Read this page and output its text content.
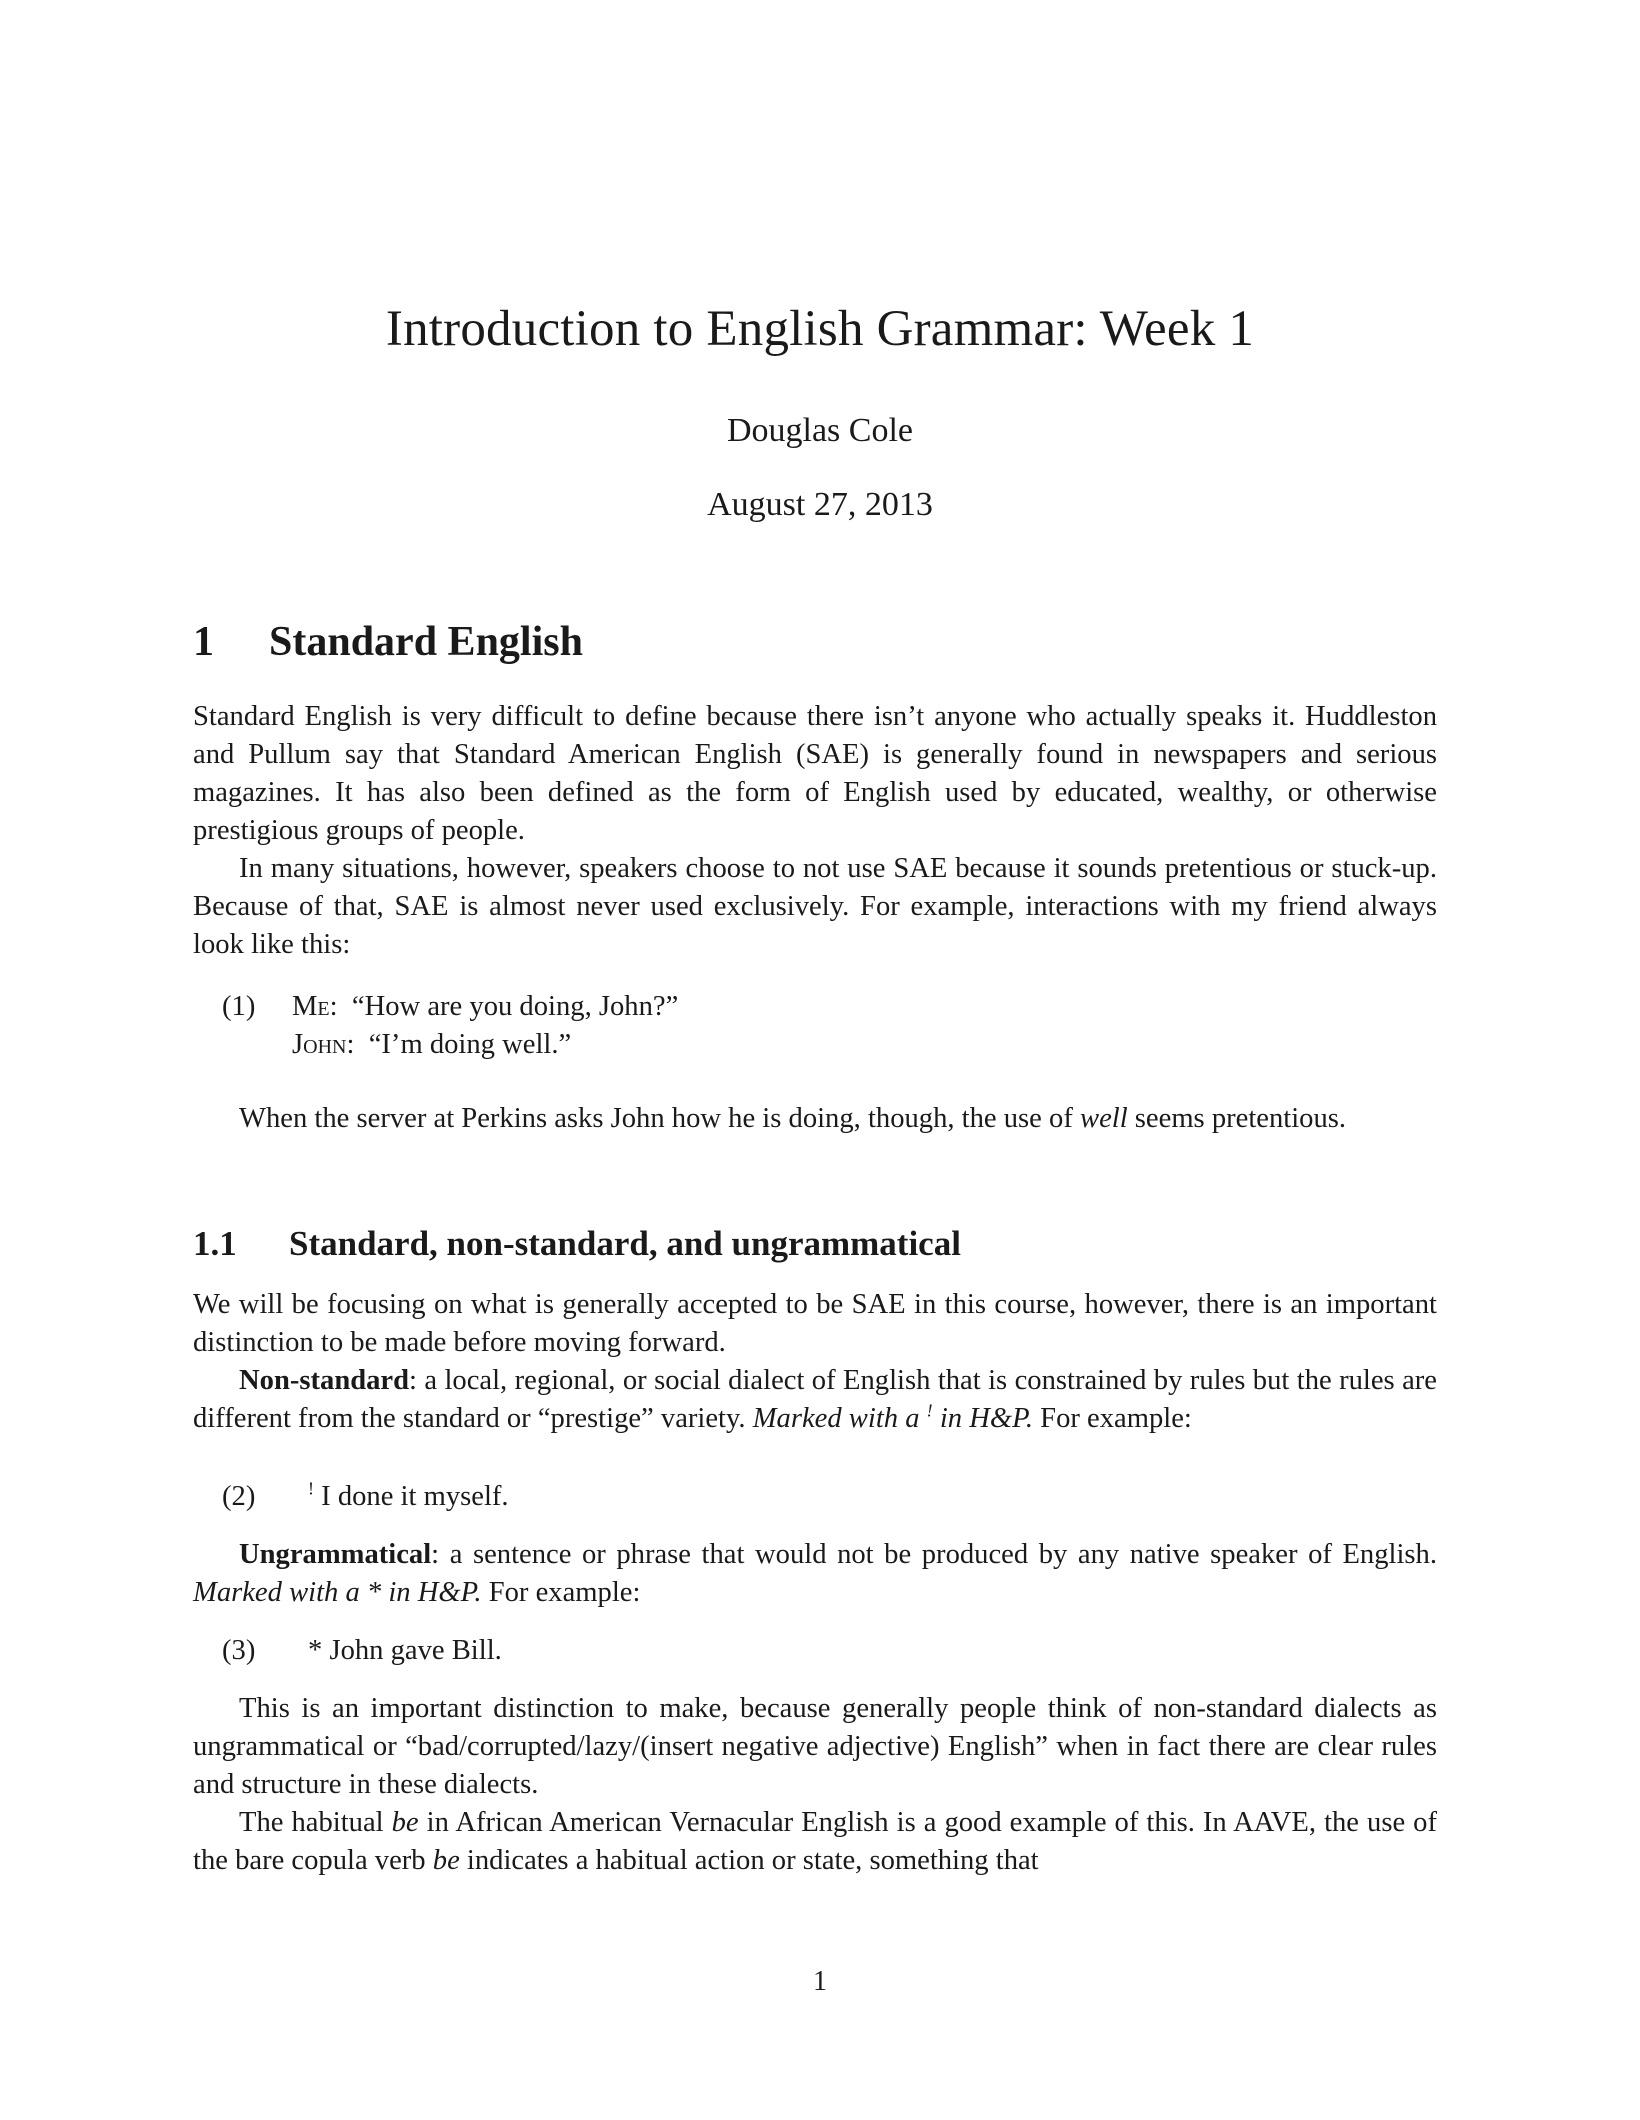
Introduction to English Grammar: Week 1
Douglas Cole
August 27, 2013
1 Standard English

Standard English is very difficult to define because there isn’t anyone who actually speaks it. Huddleston and Pullum say that Standard American English (SAE) is generally found in newspapers and serious magazines. It has also been defined as the form of English used by educated, wealthy, or otherwise prestigious groups of people.

In many situations, however, speakers choose to not use SAE because it sounds pretentious or stuck-up. Because of that, SAE is almost never used exclusively. For example, interactions with my friend always look like this:

(1) Me:  “How are you doing, John?”
John:  “I’m doing well.”
When the server at Perkins asks John how he is doing, though, the use of well seems pretentious.
1.1 Standard, non-standard, and ungrammatical

We will be focusing on what is generally accepted to be SAE in this course, however, there is an important distinction to be made before moving forward.

Non-standard: a local, regional, or social dialect of English that is constrained by rules but the rules are different from the standard or “prestige” variety. Marked with a ! in H&P. For example:

(2)	! I done it myself.
Ungrammatical: a sentence or phrase that would not be produced by any native speaker of English. Marked with a * in H&P. For example:
(3) * John gave Bill.

This is an important distinction to make, because generally people think of non-standard dialects as ungrammatical or “bad/corrupted/lazy/(insert negative adjective) English” when in fact there are clear rules and structure in these dialects.

The habitual be in African American Vernacular English is a good example of this. In AAVE, the use of the bare copula verb be indicates a habitual action or state, something that

1
